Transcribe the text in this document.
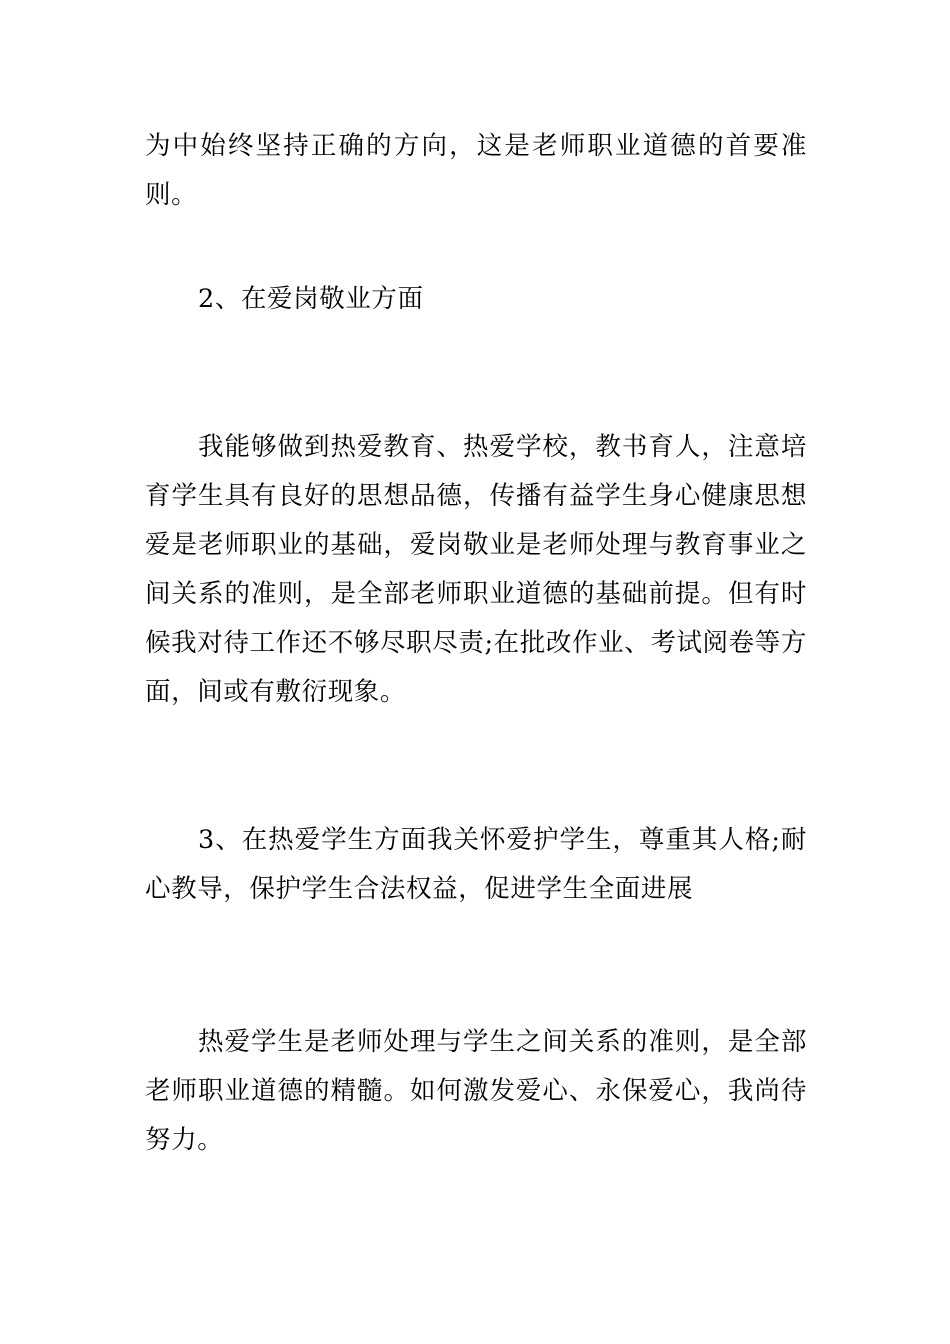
为中始终坚持正确的方向，这是老师职业道德的首要准则。

2、在爱岗敬业方面

我能够做到热爱教育、热爱学校，教书育人，注意培育学生具有良好的思想品德，传播有益学生身心健康思想爱是老师职业的基础，爱岗敬业是老师处理与教育事业之间关系的准则，是全部老师职业道德的基础前提。但有时候我对待工作还不够尽职尽责;在批改作业、考试阅卷等方面，间或有敷衍现象。

3、在热爱学生方面我关怀爱护学生，尊重其人格;耐心教导，保护学生合法权益，促进学生全面进展

热爱学生是老师处理与学生之间关系的准则，是全部老师职业道德的精髓。如何激发爱心、永保爱心，我尚待努力。
